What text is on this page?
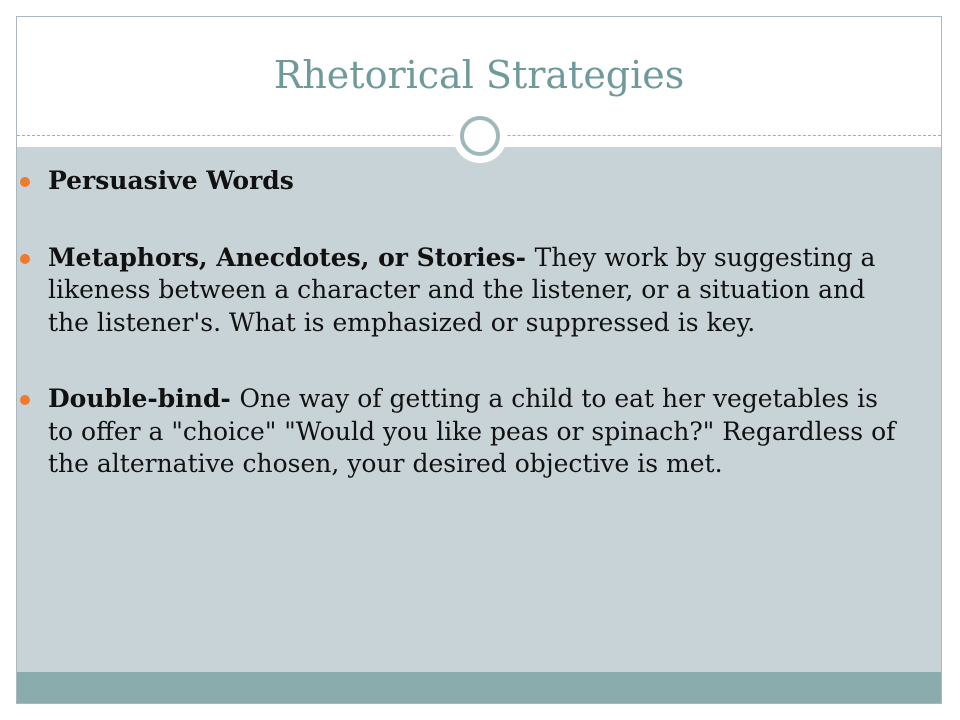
Rhetorical Strategies
Persuasive Words
Metaphors, Anecdotes, or Stories- They work by suggesting a likeness between a character and the listener, or a situation and the listener's. What is emphasized or suppressed is key.
Double-bind- One way of getting a child to eat her vegetables is to offer a "choice" "Would you like peas or spinach?" Regardless of the alternative chosen, your desired objective is met.
